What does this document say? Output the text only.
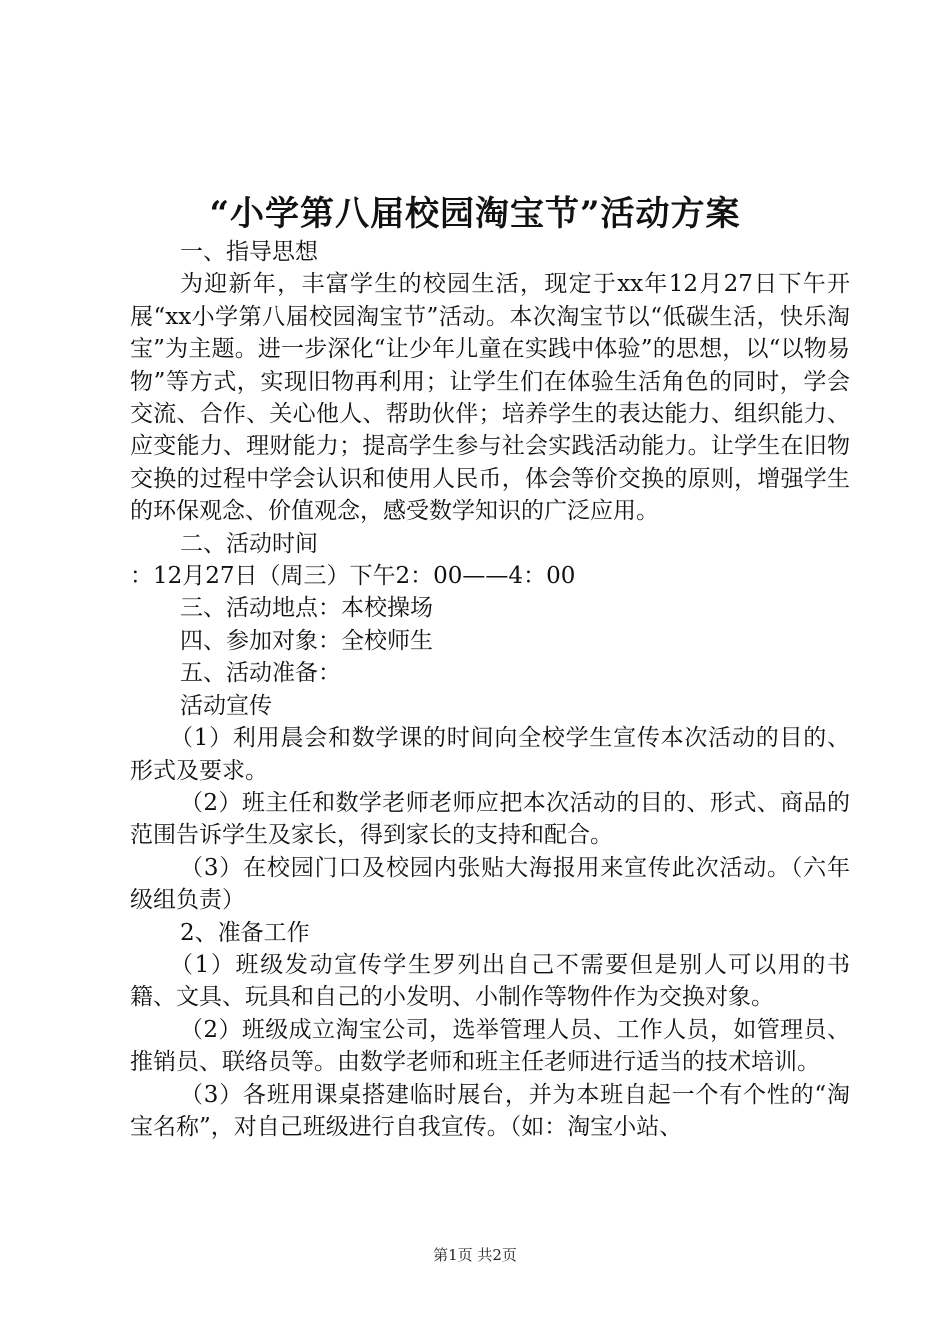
“小学第八届校园淘宝节”活动方案

一、指导思想

为迎新年，丰富学生的校园生活，现定于xx年12月27日下午开展“xx小学第八届校园淘宝节”活动。本次淘宝节以“低碳生活，快乐淘宝”为主题。进一步深化“让少年儿童在实践中体验”的思想，以“以物易物”等方式，实现旧物再利用；让学生们在体验生活角色的同时，学会交流、合作、关心他人、帮助伙伴；培养学生的表达能力、组织能力、应变能力、理财能力；提高学生参与社会实践活动能力。让学生在旧物交换的过程中学会认识和使用人民币，体会等价交换的原则，增强学生的环保观念、价值观念，感受数学知识的广泛应用。

二、活动时间

：12月27日（周三）下午2：00——4：00

三、活动地点：本校操场

四、参加对象：全校师生

五、活动准备：

活动宣传

（1）利用晨会和数学课的时间向全校学生宣传本次活动的目的、形式及要求。

（2）班主任和数学老师老师应把本次活动的目的、形式、商品的范围告诉学生及家长，得到家长的支持和配合。

（3）在校园门口及校园内张贴大海报用来宣传此次活动。（六年级组负责）

2、准备工作

（1）班级发动宣传学生罗列出自己不需要但是别人可以用的书籍、文具、玩具和自己的小发明、小制作等物件作为交换对象。

（2）班级成立淘宝公司，选举管理人员、工作人员，如管理员、推销员、联络员等。由数学老师和班主任老师进行适当的技术培训。

（3）各班用课桌搭建临时展台，并为本班自起一个有个性的“淘宝名称”，对自己班级进行自我宣传。（如：淘宝小站、

第1页 共2页
